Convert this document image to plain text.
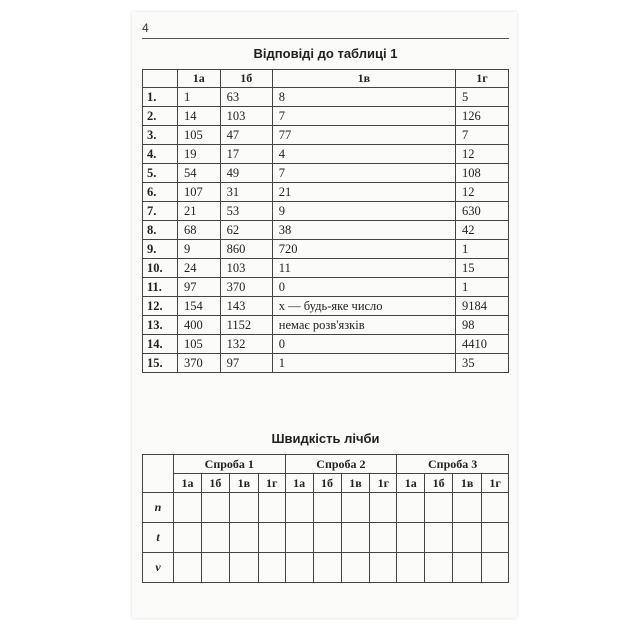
4
Відповіді до таблиці 1
	1а	1б	1в	1г
1.	1	63	8	5
2.	14	103	7	126
3.	105	47	77	7
4.	19	17	4	12
5.	54	49	7	108
6.	107	31	21	12
7.	21	53	9	630
8.	68	62	38	42
9.	9	860	720	1
10.	24	103	11	15
11.	97	370	0	1
12.	154	143	x — будь-яке число	9184
13.	400	1152	немає розв'язків	98
14.	105	132	0	4410
15.	370	97	1	35
Швидкість лічби
	Спроба 1				Спроба 2				Спроба 3			
	1а	1б	1в	1г	1а	1б	1в	1г	1а	1б	1в	1г
n												
t												
v												
